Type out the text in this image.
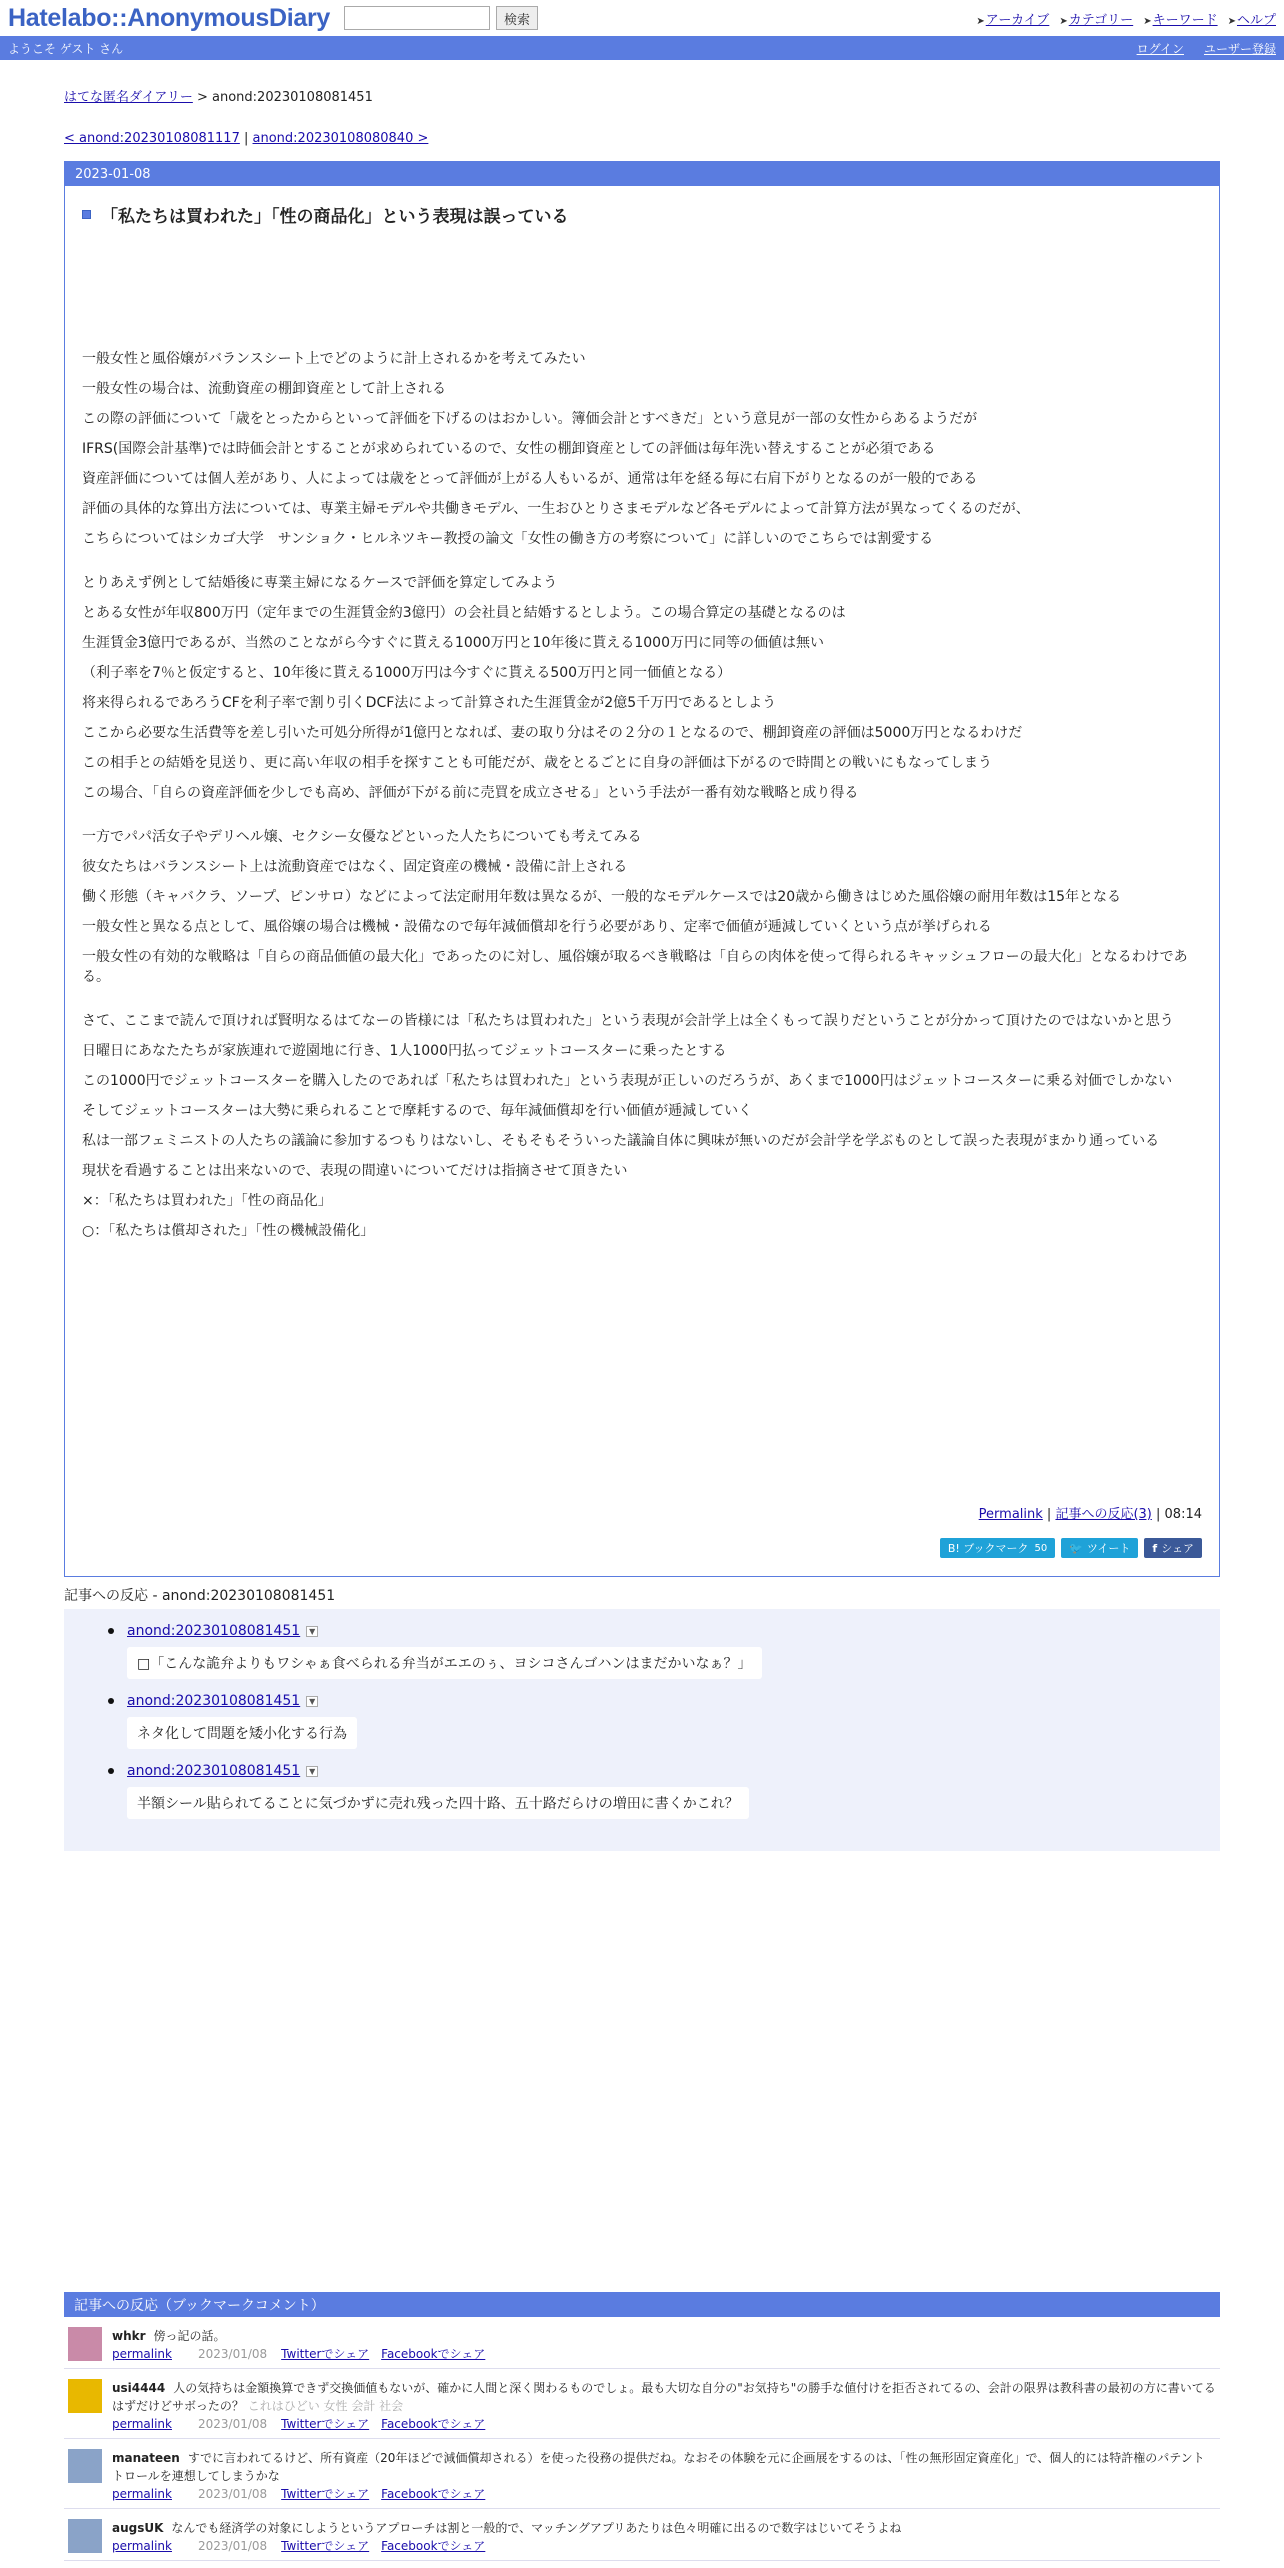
Hatelabo::AnonymousDiary	検索	➤アーカイブ ➤カテゴリー ➤キーワード ➤ヘルプ
ようこそ ゲスト さん	ログイン ユーザー登録
はてな匿名ダイアリー > anond:20230108081451
< anond:20230108081117 | anond:20230108080840 >
2023-01-08
「私たちは買われた」「性の商品化」という表現は誤っている

一般女性と風俗嬢がバランスシート上でどのように計上されるかを考えてみたい

一般女性の場合は、流動資産の棚卸資産として計上される

この際の評価について「歳をとったからといって評価を下げるのはおかしい。簿価会計とすべきだ」という意見が一部の女性からあるようだが

IFRS(国際会計基準)では時価会計とすることが求められているので、女性の棚卸資産としての評価は毎年洗い替えすることが必須である

資産評価については個人差があり、人によっては歳をとって評価が上がる人もいるが、通常は年を経る毎に右肩下がりとなるのが一般的である

評価の具体的な算出方法については、専業主婦モデルや共働きモデル、一生おひとりさまモデルなど各モデルによって計算方法が異なってくるのだが、

こちらについてはシカゴ大学　サンショク・ヒルネツキー教授の論文「女性の働き方の考察について」に詳しいのでこちらでは割愛する

とりあえず例として結婚後に専業主婦になるケースで評価を算定してみよう

とある女性が年収800万円（定年までの生涯賃金約3億円）の会社員と結婚するとしよう。この場合算定の基礎となるのは

生涯賃金3億円であるが、当然のことながら今すぐに貰える1000万円と10年後に貰える1000万円に同等の価値は無い

（利子率を7％と仮定すると、10年後に貰える1000万円は今すぐに貰える500万円と同一価値となる）

将来得られるであろうCFを利子率で割り引くDCF法によって計算された生涯賃金が2億5千万円であるとしよう

ここから必要な生活費等を差し引いた可処分所得が1億円となれば、妻の取り分はその２分の１となるので、棚卸資産の評価は5000万円となるわけだ

この相手との結婚を見送り、更に高い年収の相手を探すことも可能だが、歳をとるごとに自身の評価は下がるので時間との戦いにもなってしまう

この場合、「自らの資産評価を少しでも高め、評価が下がる前に売買を成立させる」という手法が一番有効な戦略と成り得る

一方でパパ活女子やデリヘル嬢、セクシー女優などといった人たちについても考えてみる

彼女たちはバランスシート上は流動資産ではなく、固定資産の機械・設備に計上される

働く形態（キャバクラ、ソープ、ピンサロ）などによって法定耐用年数は異なるが、一般的なモデルケースでは20歳から働きはじめた風俗嬢の耐用年数は15年となる

一般女性と異なる点として、風俗嬢の場合は機械・設備なので毎年減価償却を行う必要があり、定率で価値が逓減していくという点が挙げられる

一般女性の有効的な戦略は「自らの商品価値の最大化」であったのに対し、風俗嬢が取るべき戦略は「自らの肉体を使って得られるキャッシュフローの最大化」となるわけである。

さて、ここまで読んで頂ければ賢明なるはてなーの皆様には「私たちは買われた」という表現が会計学上は全くもって誤りだということが分かって頂けたのではないかと思う

日曜日にあなたたちが家族連れで遊園地に行き、1人1000円払ってジェットコースターに乗ったとする

この1000円でジェットコースターを購入したのであれば「私たちは買われた」という表現が正しいのだろうが、あくまで1000円はジェットコースターに乗る対価でしかない

そしてジェットコースターは大勢に乗られることで摩耗するので、毎年減価償却を行い価値が逓減していく

私は一部フェミニストの人たちの議論に参加するつもりはないし、そもそもそういった議論自体に興味が無いのだが会計学を学ぶものとして誤った表現がまかり通っている

現状を看過することは出来ないので、表現の間違いについてだけは指摘させて頂きたい

×：「私たちは買われた」「性の商品化」

○：「私たちは償却された」「性の機械設備化」

Permalink | 記事への反応(3) | 08:14
B! ブックマーク 50 🐦 ツイート f シェア
記事への反応 - anond:20230108081451
anond:20230108081451	▼
□「こんな詭弁よりもワシゃぁ食べられる弁当がエエのぅ、ヨシコさんゴハンはまだかいなぁ？」
anond:20230108081451	▼
ネタ化して問題を矮小化する行為
anond:20230108081451	▼
半額シール貼られてることに気づかずに売れ残った四十路、五十路だらけの増田に書くかこれ？
記事への反応（ブックマークコメント）
whkr 傍っ記の話。
permalink 2023/01/08 Twitterでシェア Facebookでシェア
usi4444 人の気持ちは金額換算できず交換価値もないが、確かに人間と深く関わるものでしょ。最も大切な自分の"お気持ち"の勝手な値付けを拒否されてるの、会計の限界は教科書の最初の方に書いてるはずだけどサボったの？ これはひどい 女性 会計 社会
permalink 2023/01/08 Twitterでシェア Facebookでシェア
manateen すでに言われてるけど、所有資産（20年ほどで減価償却される）を使った役務の提供だね。なおその体験を元に企画展をするのは、「性の無形固定資産化」で、個人的には特許権のパテントトロールを連想してしまうかな
permalink 2023/01/08 Twitterでシェア Facebookでシェア
augsUK なんでも経済学の対象にしようというアプローチは割と一般的で、マッチングアプリあたりは色々明確に出るので数字はじいてそうよね
permalink 2023/01/08 Twitterでシェア Facebookでシェア
